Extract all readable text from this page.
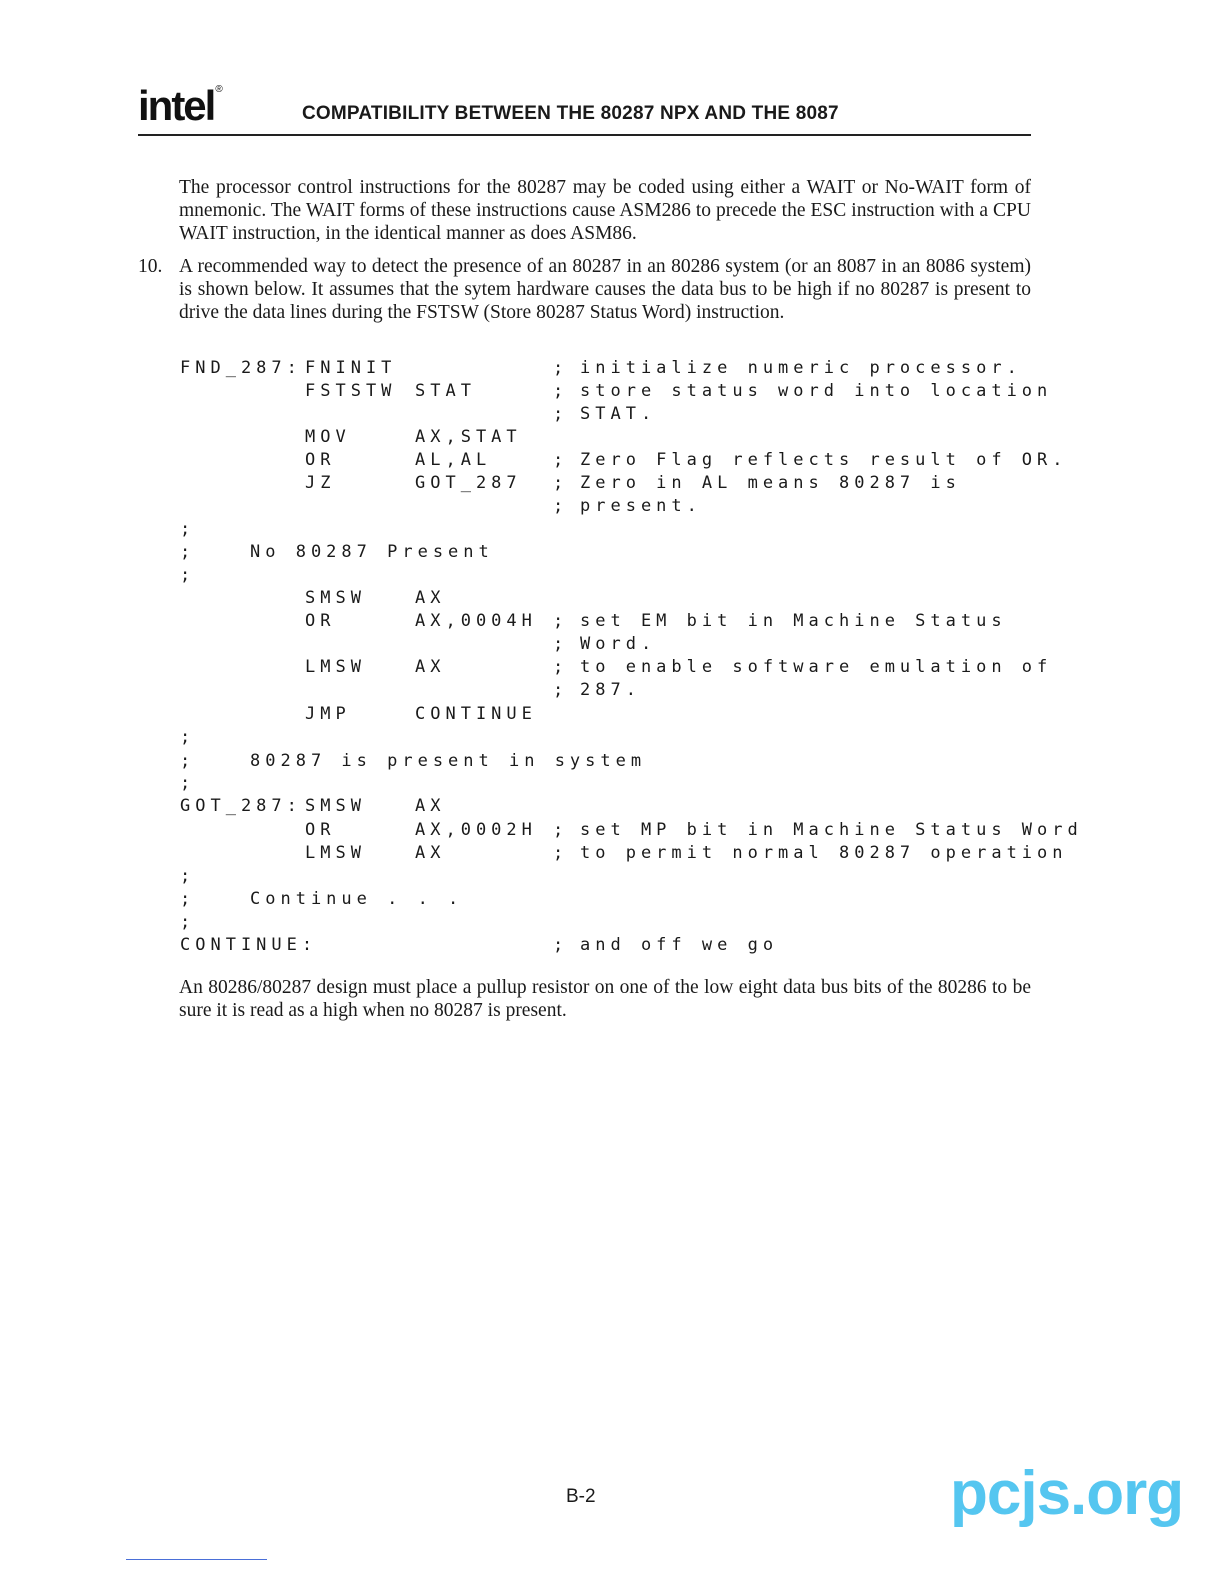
intel®
COMPATIBILITY BETWEEN THE 80287 NPX AND THE 8087
The processor control instructions for the 80287 may be coded using either a WAIT or No-WAIT form of mnemonic. The WAIT forms of these instructions cause ASM286 to precede the ESC instruction with a CPU WAIT instruction, in the identical manner as does ASM86.
10. A recommended way to detect the presence of an 80287 in an 80286 system (or an 8087 in an 8086 system) is shown below. It assumes that the sytem hardware causes the data bus to be high if no 80287 is present to drive the data lines during the FSTSW (Store 80287 Status Word) instruction.
FND_287: FNINIT	; initialize numeric processor.
FSTSTW STAT	; store status word into location
; STAT.
MOV	AX,STAT
OR	AL,AL	; Zero Flag reflects result of OR.
JZ	GOT_287 ; Zero in AL means 80287 is
; present.
;
;	No 80287 Present
;
SMSW	AX
OR	AX,0004H ; set EM bit in Machine Status
; Word.
LMSW	AX	; to enable software emulation of
; 287.
JMP	CONTINUE
;
;	80287 is present in system
;
GOT_287: SMSW	AX
OR	AX,0002H ; set MP bit in Machine Status Word
LMSW	AX	; to permit normal 80287 operation
;
;	Continue . . .
;
CONTINUE:	; and off we go
An 80286/80287 design must place a pullup resistor on one of the low eight data bus bits of the 80286 to be sure it is read as a high when no 80287 is present.
B-2	pcjs.org
